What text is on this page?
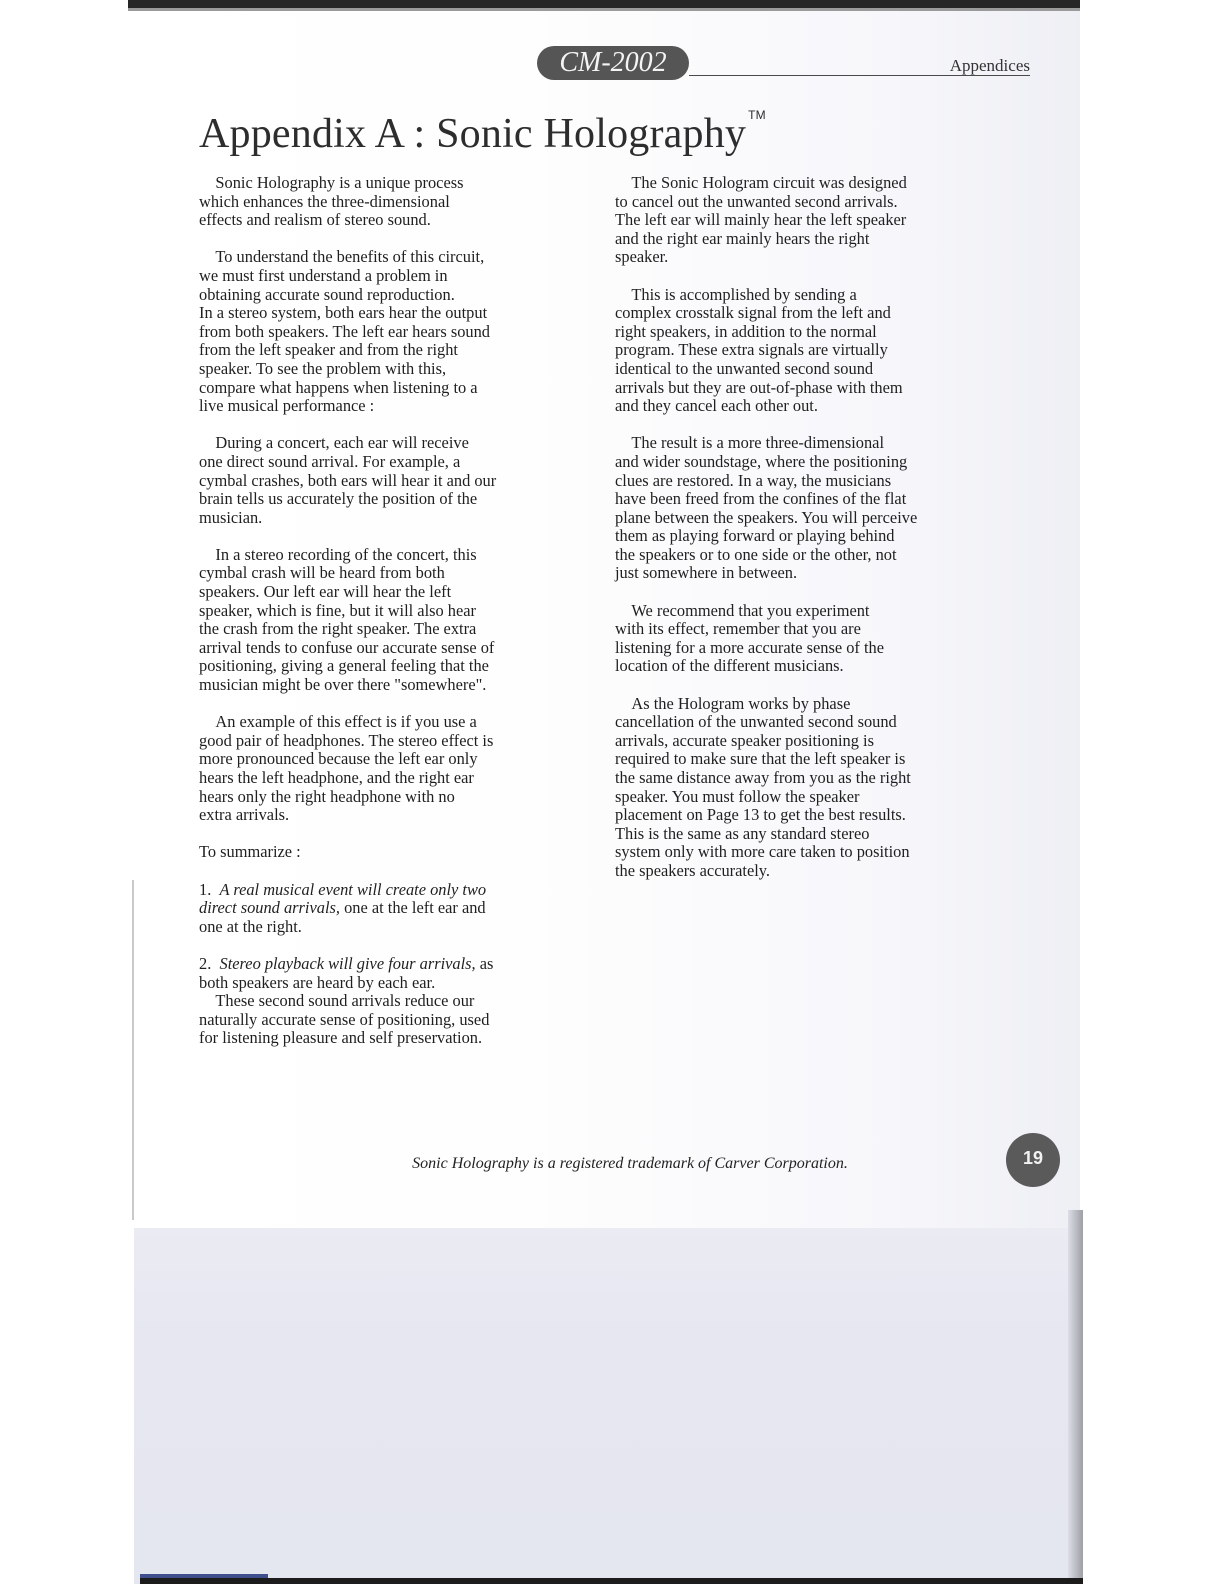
CM-2002	Appendices
Appendix A : Sonic Holography ™

 Sonic Holography is a unique process
which enhances the three-dimensional
effects and realism of stereo sound.

 To understand the benefits of this circuit,
we must first understand a problem in
obtaining accurate sound reproduction.
In a stereo system, both ears hear the output
from both speakers. The left ear hears sound
from the left speaker and from the right
speaker. To see the problem with this,
compare what happens when listening to a
live musical performance :

 During a concert, each ear will receive
one direct sound arrival. For example, a
cymbal crashes, both ears will hear it and our
brain tells us accurately the position of the
musician.

 In a stereo recording of the concert, this
cymbal crash will be heard from both
speakers. Our left ear will hear the left
speaker, which is fine, but it will also hear
the crash from the right speaker. The extra
arrival tends to confuse our accurate sense of
positioning, giving a general feeling that the
musician might be over there "somewhere".

 An example of this effect is if you use a
good pair of headphones. The stereo effect is
more pronounced because the left ear only
hears the left headphone, and the right ear
hears only the right headphone with no
extra arrivals.

To summarize :

1. A real musical event will create only two
direct sound arrivals, one at the left ear and
one at the right.

2. Stereo playback will give four arrivals, as
both speakers are heard by each ear.

 These second sound arrivals reduce our
naturally accurate sense of positioning, used
for listening pleasure and self preservation.

 The Sonic Hologram circuit was designed
to cancel out the unwanted second arrivals.
The left ear will mainly hear the left speaker
and the right ear mainly hears the right
speaker.

 This is accomplished by sending a
complex crosstalk signal from the left and
right speakers, in addition to the normal
program. These extra signals are virtually
identical to the unwanted second sound
arrivals but they are out-of-phase with them
and they cancel each other out.

 The result is a more three-dimensional
and wider soundstage, where the positioning
clues are restored. In a way, the musicians
have been freed from the confines of the flat
plane between the speakers. You will perceive
them as playing forward or playing behind
the speakers or to one side or the other, not
just somewhere in between.

 We recommend that you experiment
with its effect, remember that you are
listening for a more accurate sense of the
location of the different musicians.

 As the Hologram works by phase
cancellation of the unwanted second sound
arrivals, accurate speaker positioning is
required to make sure that the left speaker is
the same distance away from you as the right
speaker. You must follow the speaker
placement on Page 13 to get the best results.
This is the same as any standard stereo
system only with more care taken to position
the speakers accurately.

Sonic Holography is a registered trademark of Carver Corporation.	19
